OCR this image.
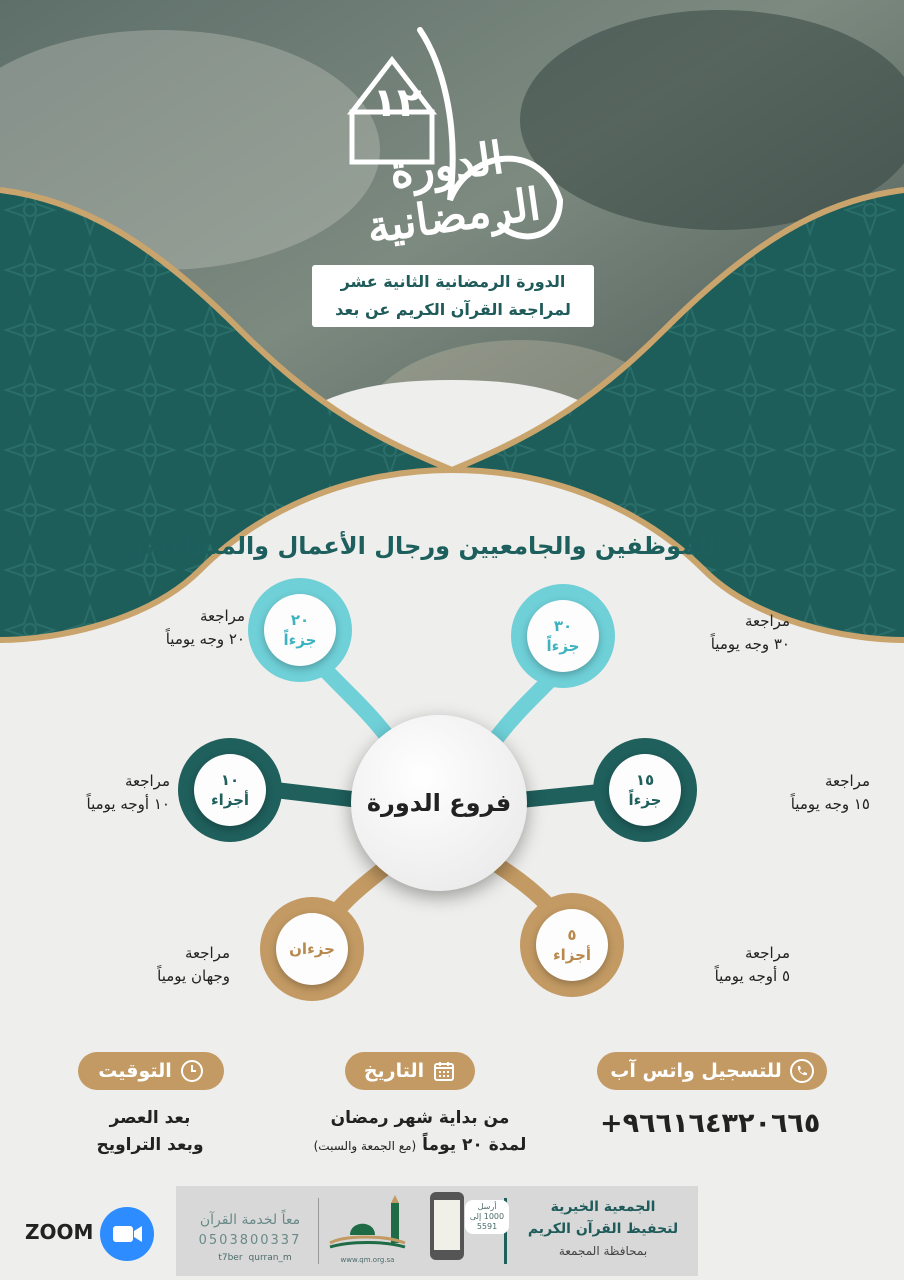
١٢
الدورة الرمضانية
الدورة الرمضانية الثانية عشر
لمراجعة القرآن الكريم عن بعد
للموظفين والجامعيين ورجال الأعمال والمتقاعدين
فروع الدورة
٢٠
جزءاً
٣٠
جزءاً
١٠
أجزاء
١٥
جزءاً
جزءان
٥
أجزاء
مراجعة
٢٠ وجه يومياً
مراجعة
٣٠ وجه يومياً
مراجعة
١٠ أوجه يومياً
مراجعة
١٥ وجه يومياً
مراجعة
وجهان يومياً
مراجعة
٥ أوجه يومياً
للتسجيل واتس آب
التاريخ
التوقيت
+٩٦٦١٦٤٣٢٠٦٦٥
من بداية شهر رمضان
لمدة ٢٠ يوماً (مع الجمعة والسبت)
بعد العصر
وبعد التراويح
الجمعية الخيرية
لتحفيظ القرآن الكريم
بمحافظة المجمعة
أرسل 1000 إلى 5591
www.qm.org.sa
معاً لخدمة القرآن
0503800337
t7ber qurran_m
ZOOM
